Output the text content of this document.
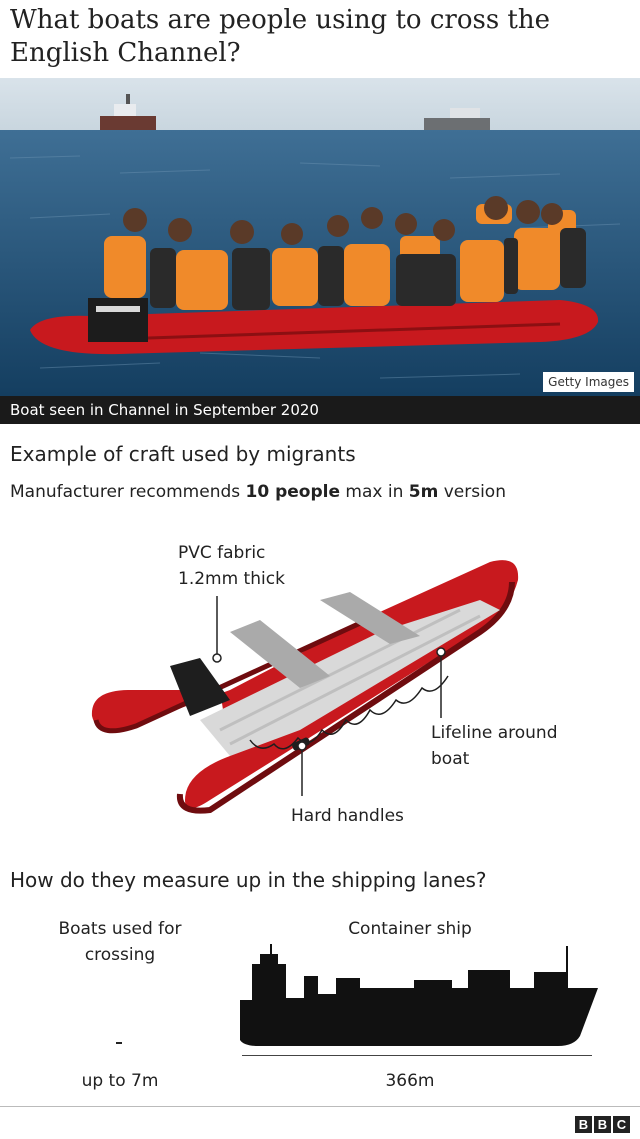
What boats are people using to cross the English Channel?
Getty Images
Boat seen in Channel in September 2020
Example of craft used by migrants
Manufacturer recommends 10 people max in 5m version
PVC fabric
1.2mm thick
Lifeline around
boat
Hard handles
How do they measure up in the shipping lanes?
Boats used for
crossing
Container ship
up to 7m	366m
B B C
